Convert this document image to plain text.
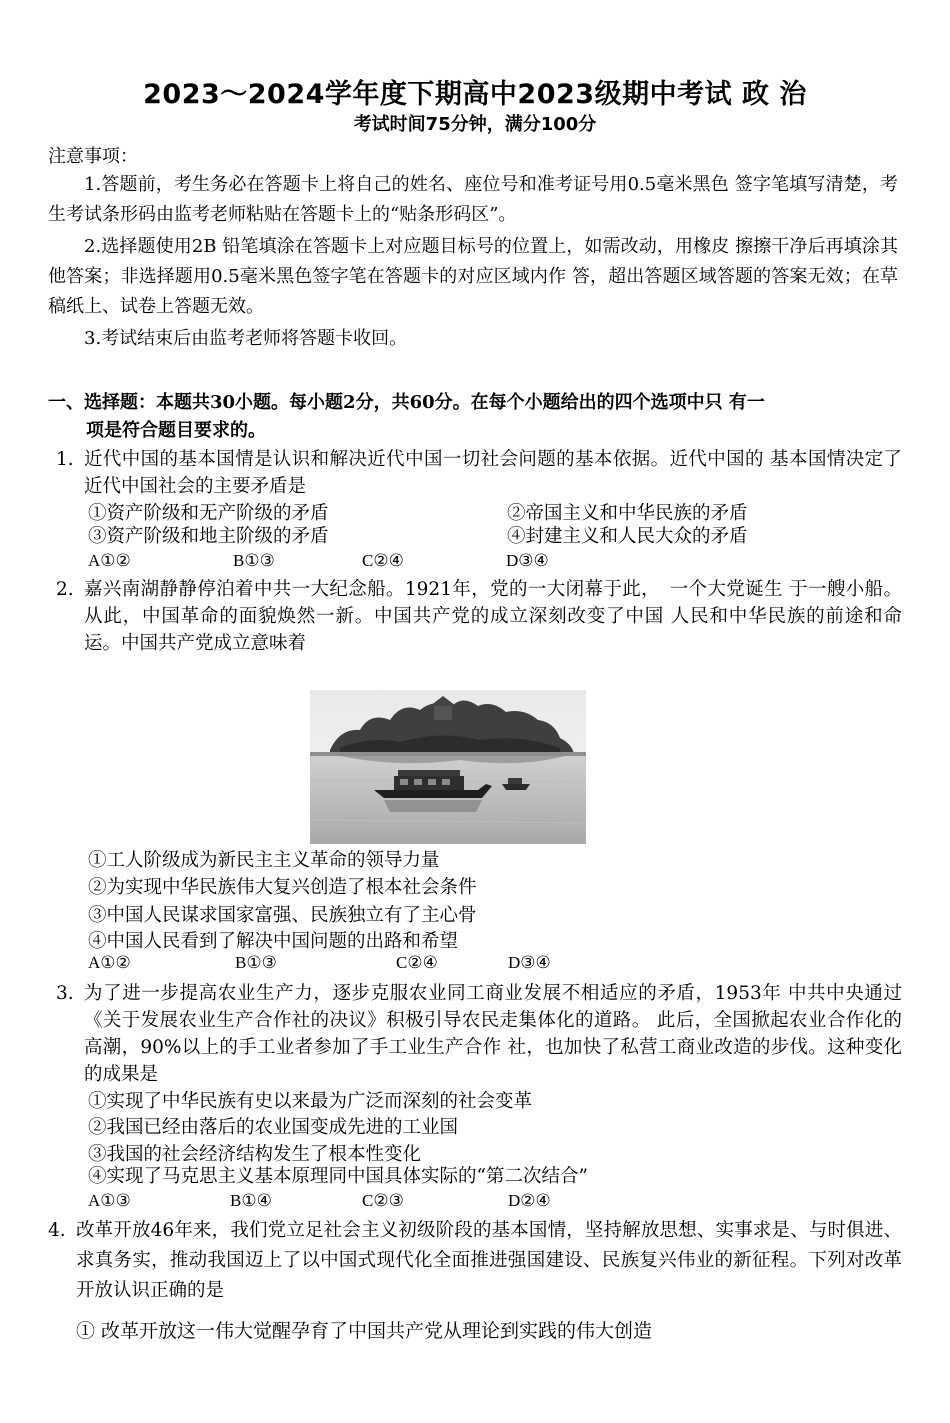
2023～2024学年度下期高中2023级期中考试 政 治
考试时间75分钟，满分100分
注意事项：
1.答题前，考生务必在答题卡上将自己的姓名、座位号和准考证号用0.5毫米黑色 签字笔填写清楚，考生考试条形码由监考老师粘贴在答题卡上的“贴条形码区”。
2.选择题使用2B 铅笔填涂在答题卡上对应题目标号的位置上，如需改动，用橡皮 擦擦干净后再填涂其他答案；非选择题用0.5毫米黑色签字笔在答题卡的对应区域内作 答，超出答题区域答题的答案无效；在草稿纸上、试卷上答题无效。
3.考试结束后由监考老师将答题卡收回。
一、选择题：本题共30小题。每小题2分，共60分。在每个小题给出的四个选项中只 有一
项是符合题目要求的。
1. 近代中国的基本国情是认识和解决近代中国一切社会问题的基本依据。近代中国的 基本国情决定了近代中国社会的主要矛盾是
①资产阶级和无产阶级的矛盾	②帝国主义和中华民族的矛盾
③资产阶级和地主阶级的矛盾	④封建主义和人民大众的矛盾
A①②	B①③	C②④	D③④
2. 嘉兴南湖静静停泊着中共一大纪念船。1921年，党的一大闭幕于此，　一个大党诞生 于一艘小船。从此，中国革命的面貌焕然一新。中国共产党的成立深刻改变了中国 人民和中华民族的前途和命运。中国共产党成立意味着
①工人阶级成为新民主主义革命的领导力量
②为实现中华民族伟大复兴创造了根本社会条件
③中国人民谋求国家富强、民族独立有了主心骨
④中国人民看到了解决中国问题的出路和希望
A①②	B①③	C②④	D③④
3. 为了进一步提高农业生产力，逐步克服农业同工商业发展不相适应的矛盾，1953年 中共中央通过《关于发展农业生产合作社的决议》积极引导农民走集体化的道路。 此后，全国掀起农业合作化的高潮，90%以上的手工业者参加了手工业生产合作 社，也加快了私营工商业改造的步伐。这种变化的成果是
①实现了中华民族有史以来最为广泛而深刻的社会变革
②我国已经由落后的农业国变成先进的工业国
③我国的社会经济结构发生了根本性变化
④实现了马克思主义基本原理同中国具体实际的“第二次结合”
A①③	B①④	C②③	D②④
4. 改革开放46年来，我们党立足社会主义初级阶段的基本国情，坚持解放思想、实事求是、与时俱进、求真务实，推动我国迈上了以中国式现代化全面推进强国建设、民族复兴伟业的新征程。下列对改革开放认识正确的是
① 改革开放这一伟大觉醒孕育了中国共产党从理论到实践的伟大创造
